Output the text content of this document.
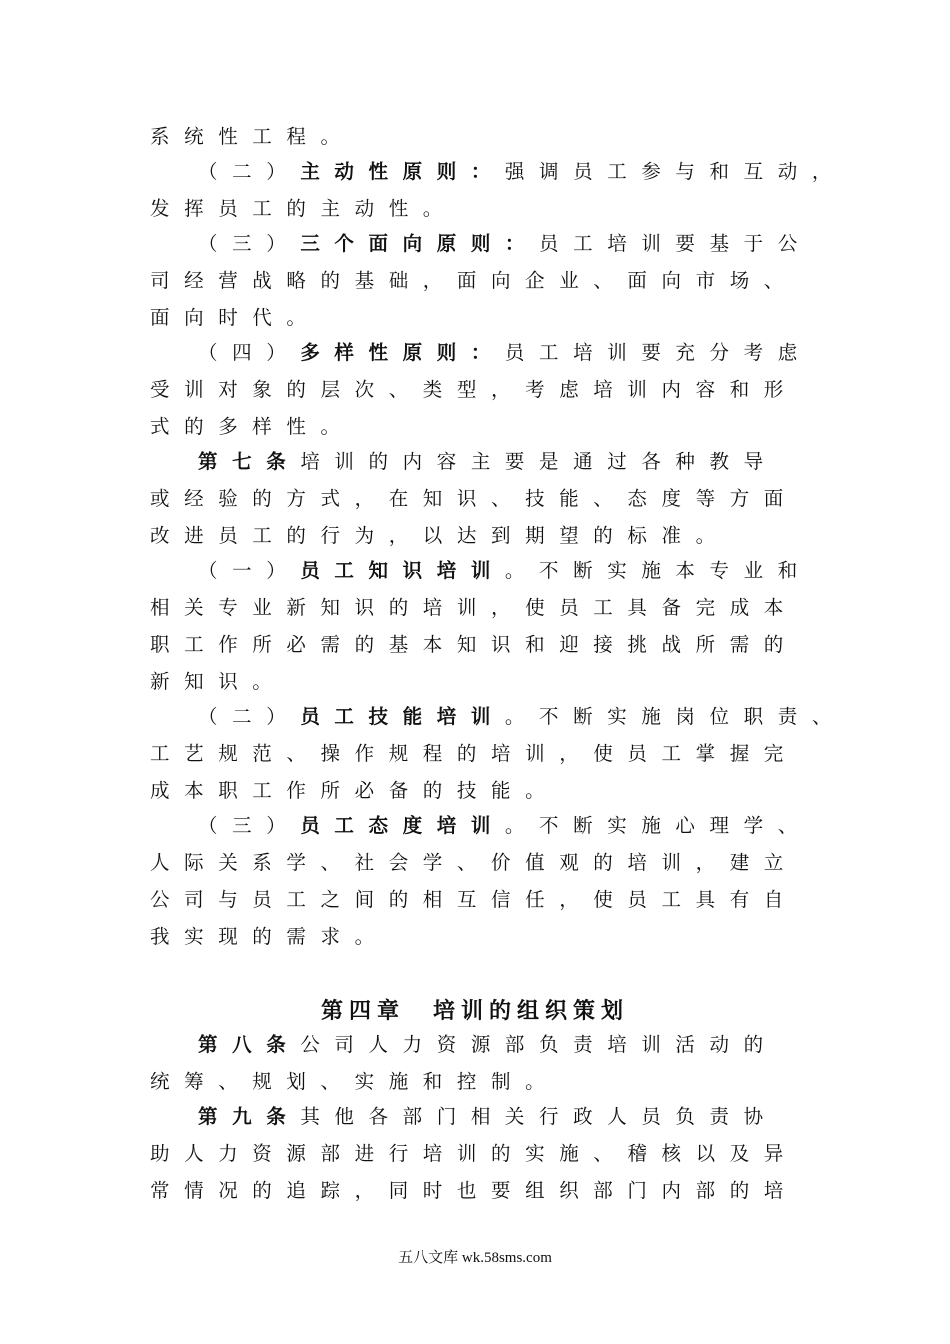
系统性工程。
（二）主动性原则：强调员工参与和互动，
发挥员工的主动性。
（三）三个面向原则：员工培训要基于公
司经营战略的基础，面向企业、面向市场、
面向时代。
（四）多样性原则：员工培训要充分考虑
受训对象的层次、类型，考虑培训内容和形
式的多样性。
第七条培训的内容主要是通过各种教导
或经验的方式，在知识、技能、态度等方面
改进员工的行为，以达到期望的标准。
（一）员工知识培训。不断实施本专业和
相关专业新知识的培训，使员工具备完成本
职工作所必需的基本知识和迎接挑战所需的
新知识。
（二）员工技能培训。不断实施岗位职责、
工艺规范、操作规程的培训，使员工掌握完
成本职工作所必备的技能。
（三）员工态度培训。不断实施心理学、
人际关系学、社会学、价值观的培训，建立
公司与员工之间的相互信任，使员工具有自
我实现的需求。
第四章 培训的组织策划
第八条公司人力资源部负责培训活动的
统筹、规划、实施和控制。
第九条其他各部门相关行政人员负责协
助人力资源部进行培训的实施、稽核以及异
常情况的追踪，同时也要组织部门内部的培
五八文库 wk.58sms.com
